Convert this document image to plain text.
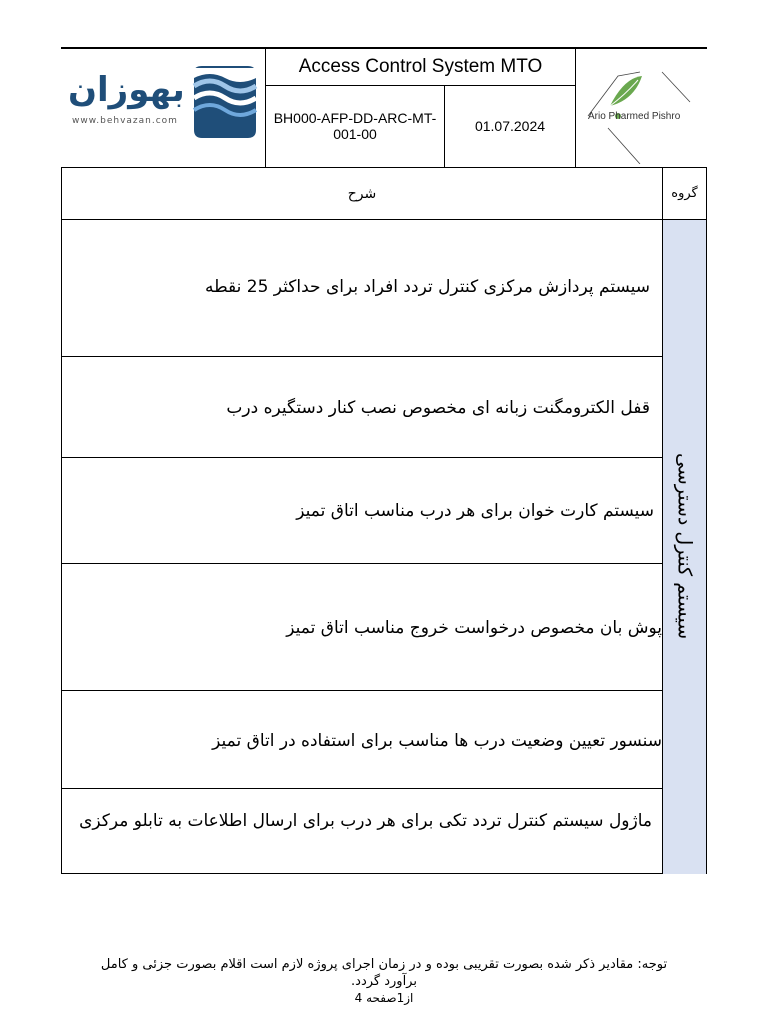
بهوزان
www.behvazan.com
Access Control System MTO
BH000-AFP-DD-ARC-MT-001-00	01.07.2024
Ario Pharmed Pishro
شرح	گروه
سیستم کنترل دسترسی
سیستم پردازش مرکزی کنترل تردد افراد برای حداکثر 25 نقطه
قفل الکترومگنت زبانه ای مخصوص نصب کنار دستگیره درب
سیستم کارت خوان برای هر درب مناسب اتاق تمیز
پوش بان مخصوص درخواست خروج مناسب اتاق تمیز
سنسور تعیین وضعیت درب ها مناسب برای استفاده در اتاق تمیز
ماژول سیستم کنترل تردد تکی برای هر درب برای ارسال اطلاعات به تابلو مرکزی
توجه: مقادیر ذکر شده بصورت تقریبی بوده و در زمان اجرای پروژه لازم است اقلام بصورت جزئی و کامل
.برآورد گردد
4 از1صفحه
